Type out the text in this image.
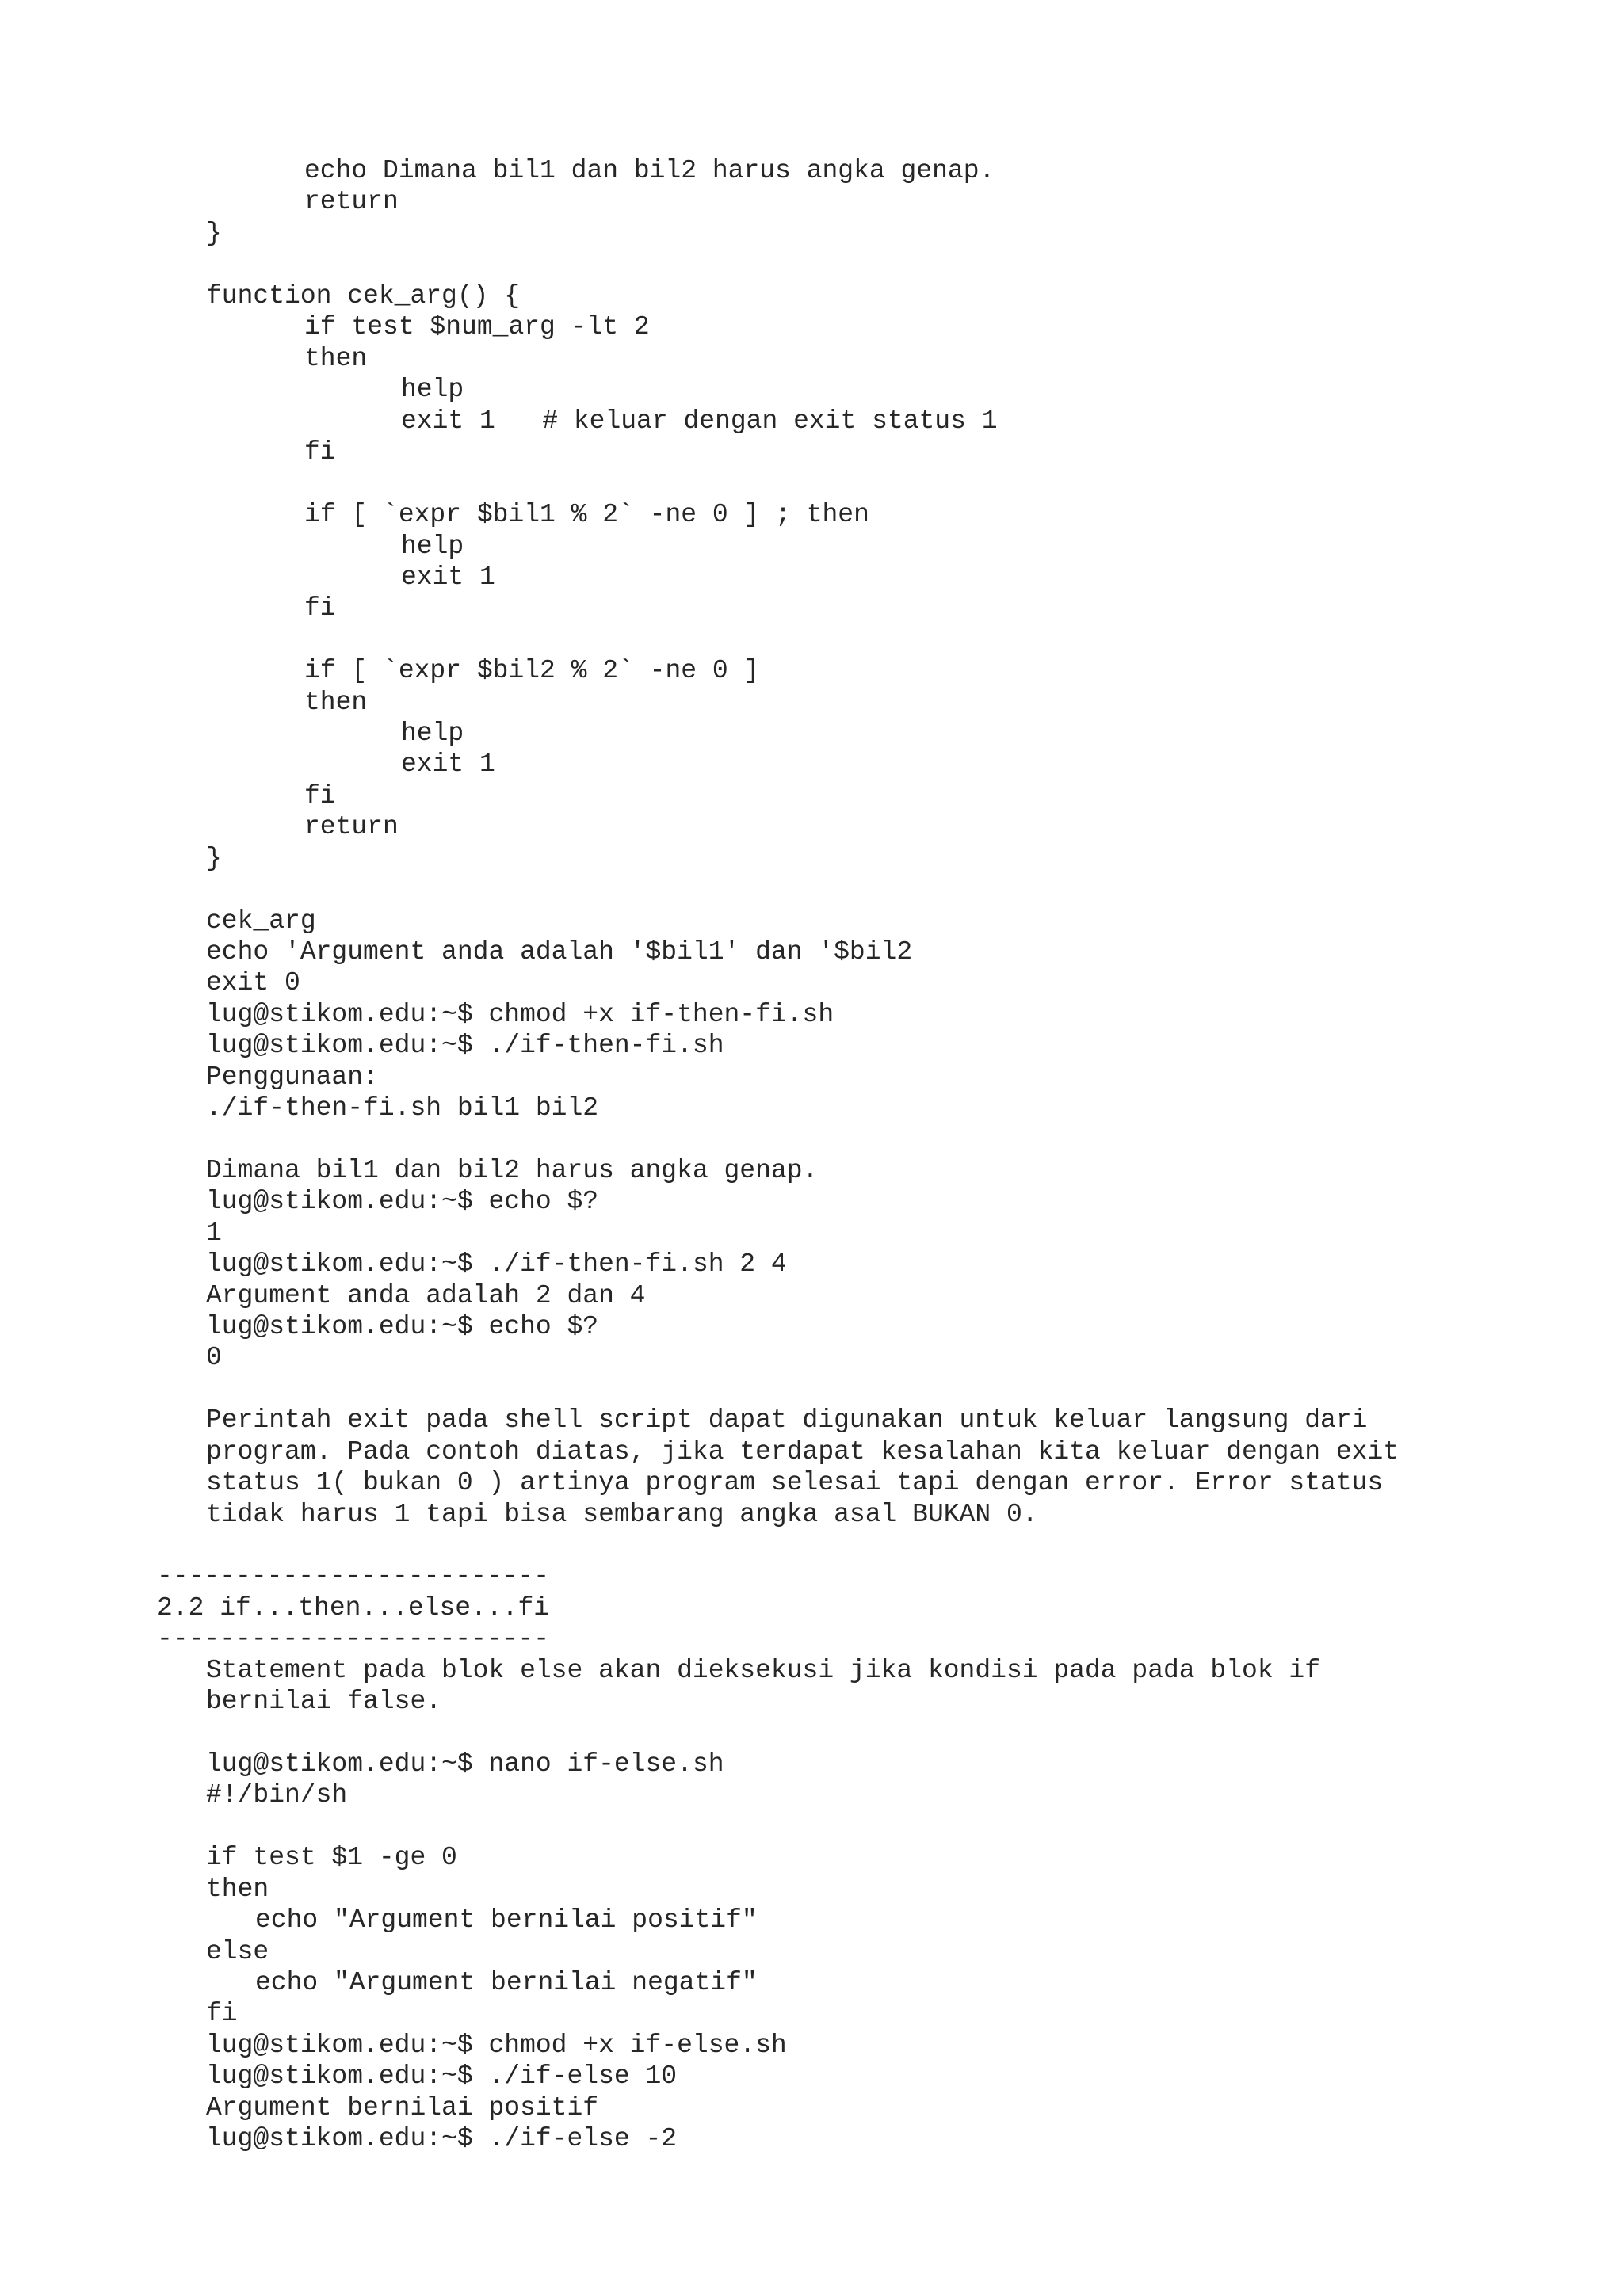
echo Dimana bil1 dan bil2 harus angka genap.
return
}
function cek_arg() {
if test $num_arg -lt 2
then
help
exit 1   # keluar dengan exit status 1
fi
if [ `expr $bil1 % 2` -ne 0 ] ; then
help
exit 1
fi
if [ `expr $bil2 % 2` -ne 0 ]
then
help
exit 1
fi
return
}
cek_arg
echo 'Argument anda adalah '$bil1' dan '$bil2
exit 0
lug@stikom.edu:~$ chmod +x if-then-fi.sh
lug@stikom.edu:~$ ./if-then-fi.sh
Penggunaan:
./if-then-fi.sh bil1 bil2
Dimana bil1 dan bil2 harus angka genap.
lug@stikom.edu:~$ echo $?
1
lug@stikom.edu:~$ ./if-then-fi.sh 2 4
Argument anda adalah 2 dan 4
lug@stikom.edu:~$ echo $?
0
Perintah exit pada shell script dapat digunakan untuk keluar langsung dari
program. Pada contoh diatas, jika terdapat kesalahan kita keluar dengan exit
status 1( bukan 0 ) artinya program selesai tapi dengan error. Error status
tidak harus 1 tapi bisa sembarang angka asal BUKAN 0.
-------------------------
2.2 if...then...else...fi
-------------------------
Statement pada blok else akan dieksekusi jika kondisi pada pada blok if
bernilai false.
lug@stikom.edu:~$ nano if-else.sh
#!/bin/sh
if test $1 -ge 0
then
echo "Argument bernilai positif"
else
echo "Argument bernilai negatif"
fi
lug@stikom.edu:~$ chmod +x if-else.sh
lug@stikom.edu:~$ ./if-else 10
Argument bernilai positif
lug@stikom.edu:~$ ./if-else -2
